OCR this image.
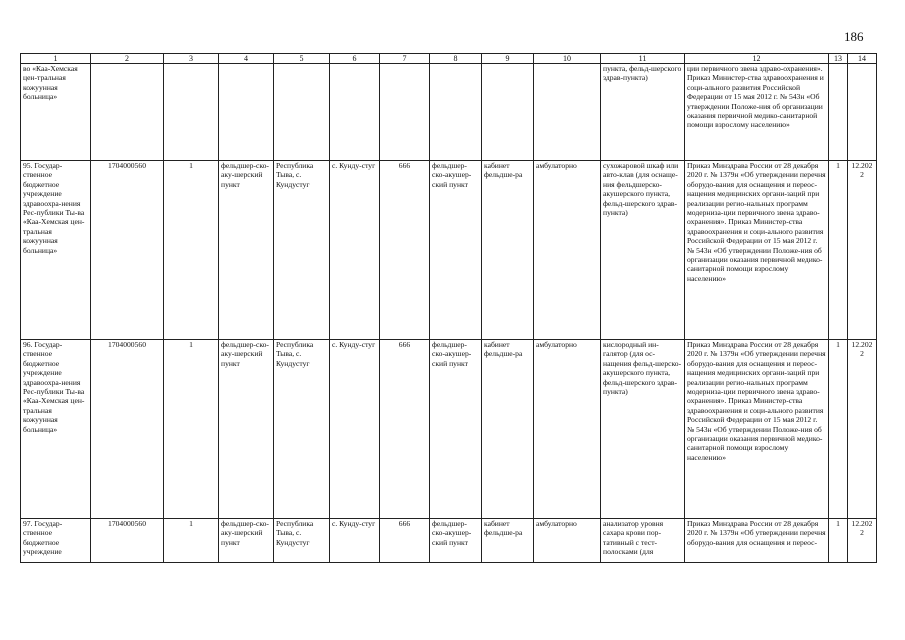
186
1	2	3	4	5	6	7	8	9	10	11	12	13	14
во «Каа-Хемская цен-тральная кожуунная больница»										пункта, фельд-шерского здрав-пункта)	ции первичного звена здраво-охранения». Приказ Министер-ства здравоохранения и соци-ального развития Российской Федерации от 15 мая 2012 г. № 543н «Об утверждении Положе-ния об организации оказания первичной медико-санитарной помощи взрослому населению»		
95. Государ-ственное бюджетное учреждение здравоохра-нения Рес-публики Ты-ва «Каа-Хемская цен-тральная кожуунная больница»	1704000560	1	фельдшер-ско-аку-шерский пункт	Республика Тыва, с. Кундустуг	с. Кунду-стуг	666	фельдшер-ско-акушер-ский пункт	кабинет фельдше-ра	амбулаторно	сухожаровой шкаф или авто-клав (для оснаще-ния фельдшерско-акушерского пункта, фельд-шерского здрав-пункта)	Приказ Минздрава России от 28 декабря 2020 г. № 1379н «Об утверждении перечня оборудо-вания для оснащения и переос-нащения медицинских органи-заций при реализации регио-нальных программ модерниза-ции первичного звена здраво-охранения». Приказ Министер-ства здравоохранения и соци-ального развития Российской Федерации от 15 мая 2012 г. № 543н «Об утверждении Положе-ния об организации оказания первичной медико-санитарной помощи взрослому населению»	1	12.2022
96. Государ-ственное бюджетное учреждение здравоохра-нения Рес-публики Ты-ва «Каа-Хемская цен-тральная кожуунная больница»	1704000560	1	фельдшер-ско-аку-шерский пункт	Республика Тыва, с. Кундустуг	с. Кунду-стуг	666	фельдшер-ско-акушер-ский пункт	кабинет фельдше-ра	амбулаторно	кислородный ин-галятор (для ос-нащения фельд-шерско-акушерского пункта, фельд-шерского здрав-пункта)	Приказ Минздрава России от 28 декабря 2020 г. № 1379н «Об утверждении перечня оборудо-вания для оснащения и переос-нащения медицинских органи-заций при реализации регио-нальных программ модерниза-ции первичного звена здраво-охранения». Приказ Министер-ства здравоохранения и соци-ального развития Российской Федерации от 15 мая 2012 г. № 543н «Об утверждении Положе-ния об организации оказания первичной медико-санитарной помощи взрослому населению»	1	12.2022
97. Государ-ственное бюджетное учреждение	1704000560	1	фельдшер-ско-аку-шерский пункт	Республика Тыва, с. Кундустуг	с. Кунду-стуг	666	фельдшер-ско-акушер-ский пункт	кабинет фельдше-ра	амбулаторно	анализатор уровня сахара крови пор-тативный с тест-полосками (для	Приказ Минздрава России от 28 декабря 2020 г. № 1379н «Об утверждении перечня оборудо-вания для оснащения и переос-	1	12.2022
